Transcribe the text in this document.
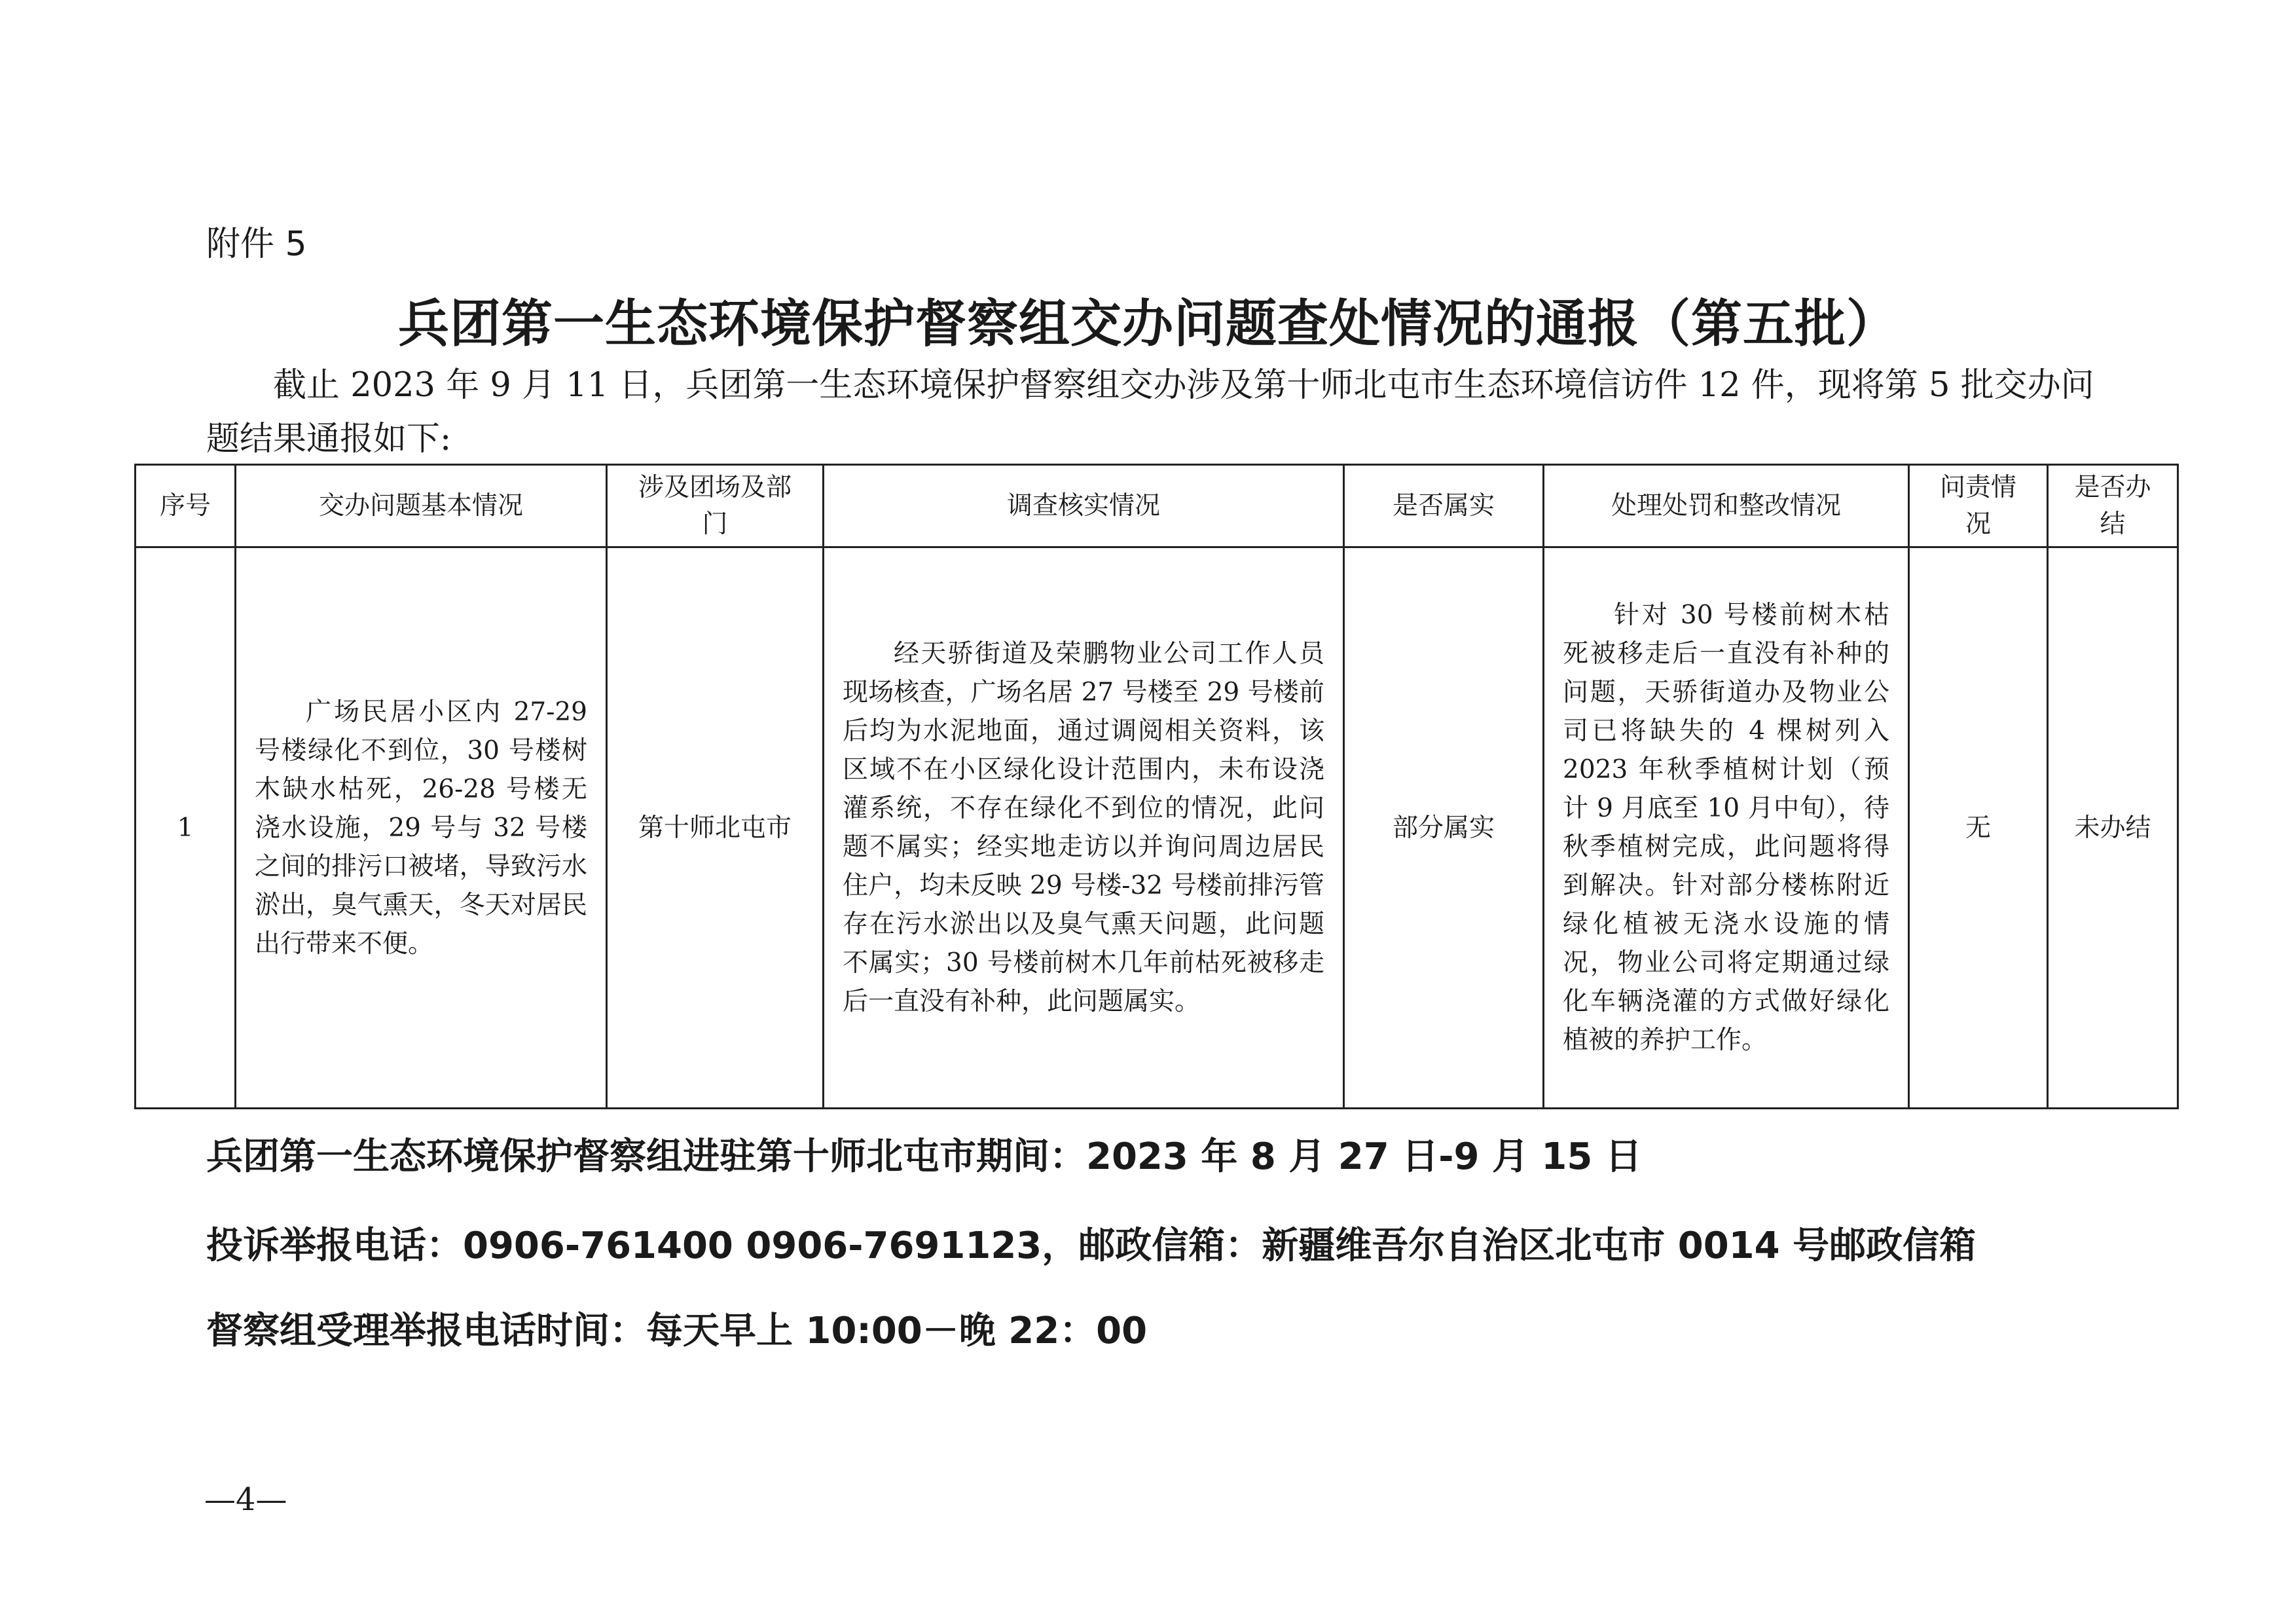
附件 5
兵团第一生态环境保护督察组交办问题查处情况的通报（第五批）
截止 2023 年 9 月 11 日，兵团第一生态环境保护督察组交办涉及第十师北屯市生态环境信访件 12 件，现将第 5 批交办问题结果通报如下:
序号	交办问题基本情况	涉及团场及部门	调查核实情况	是否属实	处理处罚和整改情况	问责情况	是否办结
1	广场民居小区内 27-29 号楼绿化不到位，30 号楼树木缺水枯死，26-28 号楼无浇水设施，29 号与 32 号楼之间的排污口被堵，导致污水淤出，臭气熏天，冬天对居民出行带来不便。	第十师北屯市	经天骄街道及荣鹏物业公司工作人员现场核查，广场名居 27 号楼至 29 号楼前后均为水泥地面，通过调阅相关资料，该区域不在小区绿化设计范围内，未布设浇灌系统，不存在绿化不到位的情况，此问题不属实；经实地走访以并询问周边居民住户，均未反映 29 号楼-32 号楼前排污管存在污水淤出以及臭气熏天问题，此问题不属实；30 号楼前树木几年前枯死被移走后一直没有补种，此问题属实。	部分属实	针对 30 号楼前树木枯死被移走后一直没有补种的问题，天骄街道办及物业公司已将缺失的 4 棵树列入 2023 年秋季植树计划（预计 9 月底至 10 月中旬），待秋季植树完成，此问题将得到解决。针对部分楼栋附近绿化植被无浇水设施的情况，物业公司将定期通过绿化车辆浇灌的方式做好绿化植被的养护工作。	无	未办结
兵团第一生态环境保护督察组进驻第十师北屯市期间：2023 年 8 月 27 日-9 月 15 日
投诉举报电话：0906-761400 0906-7691123，邮政信箱：新疆维吾尔自治区北屯市 0014 号邮政信箱
督察组受理举报电话时间：每天早上 10:00－晚 22：00
—4—
